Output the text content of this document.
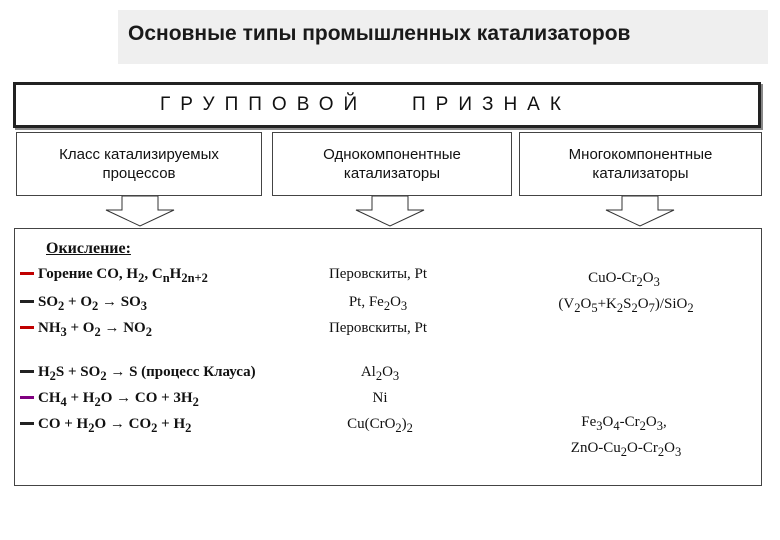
Основные типы промышленных катализаторов
ГРУППОВОЙ ПРИЗНАК
Класс катализируемых
процессов
Однокомпонентные
катализаторы
Многокомпонентные
катализаторы
Окисление:
Горение CO, $H_2$, $C_nH_{2n+2}$
$SO_2 + O_2 \to SO_3$
$NH_3 + O_2 \to NO_2$
$H_2S + SO_2 \to S$ (процесс Клауса)
$CH_4 + H_2O$ → CO + $3H_2$
CO + $H_2O \to CO_2 + H_2$
Перовскиты, Pt
Pt, $Fe_2O_3$
Перовскиты, Pt
$Al_2O_3$
Ni
$Cu(CrO_2)_2$
CuO-$Cr_2O_3$
$(V_2O_5+K_2S_2O_7)/SiO_2$
$Fe_3O_4-Cr_2O_3$,
ZnO-$Cu_2O-Cr_2O_3$
